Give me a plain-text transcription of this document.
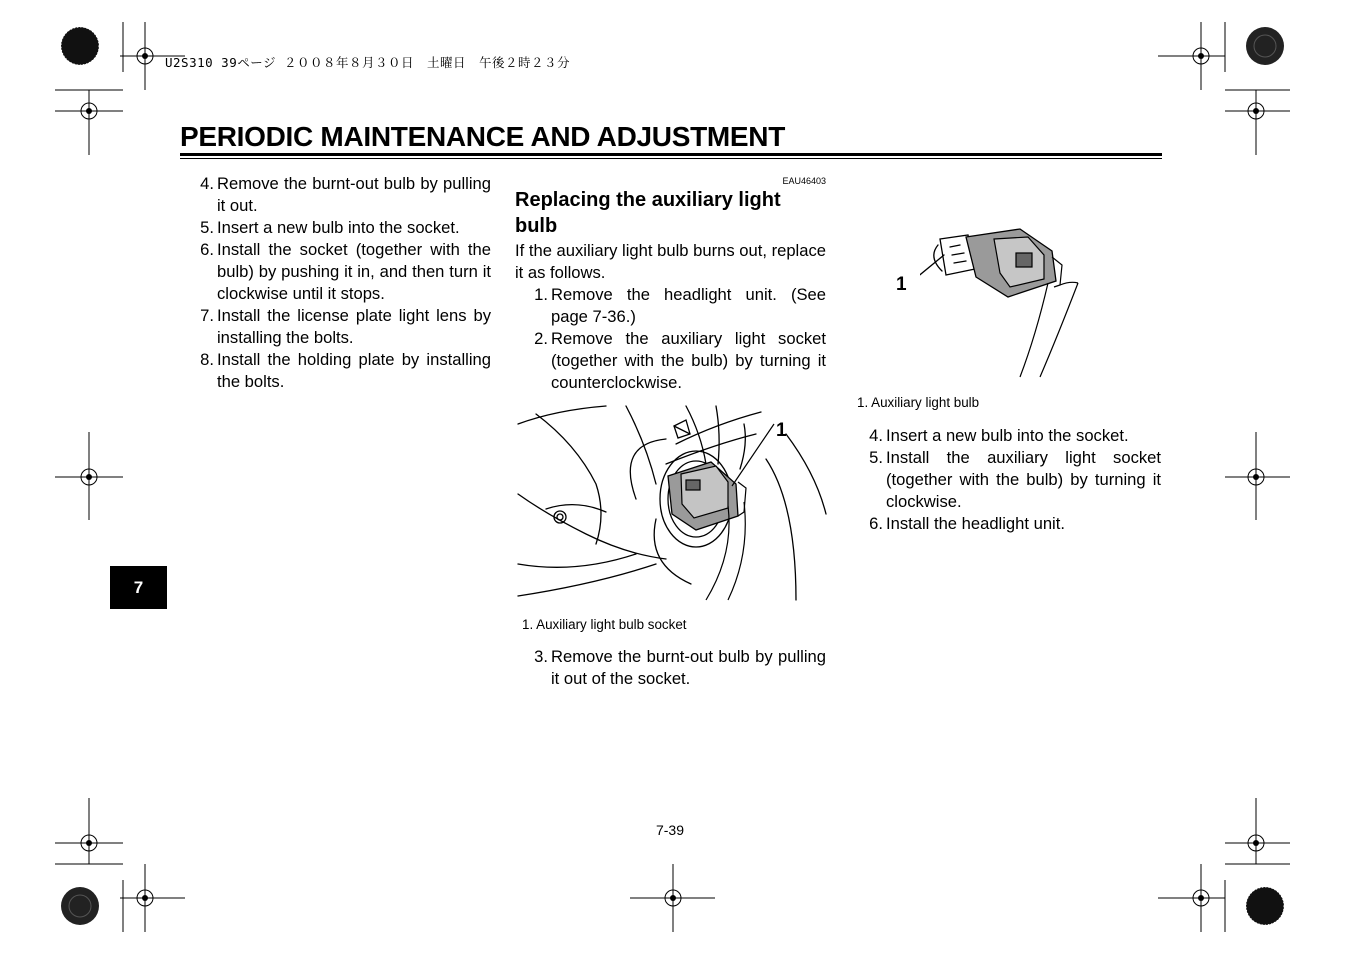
U2S310 39ページ ２００８年８月３０日　土曜日　午後２時２３分
PERIODIC MAINTENANCE AND ADJUSTMENT
4. Remove the burnt-out bulb by pulling it out.
5. Insert a new bulb into the socket.
6. Install the socket (together with the bulb) by pushing it in, and then turn it clockwise until it stops.
7. Install the license plate light lens by installing the bolts.
8. Install the holding plate by installing the bolts.
7
EAU46403
Replacing the auxiliary light bulb
If the auxiliary light bulb burns out, replace it as follows.
1. Remove the headlight unit. (See page 7-36.)
2. Remove the auxiliary light socket (together with the bulb) by turning it counterclockwise.
1
1. Auxiliary light bulb socket
3. Remove the burnt-out bulb by pulling it out of the socket.
1
1. Auxiliary light bulb
4. Insert a new bulb into the socket.
5. Install the auxiliary light socket (together with the bulb) by turning it clockwise.
6. Install the headlight unit.
7-39
